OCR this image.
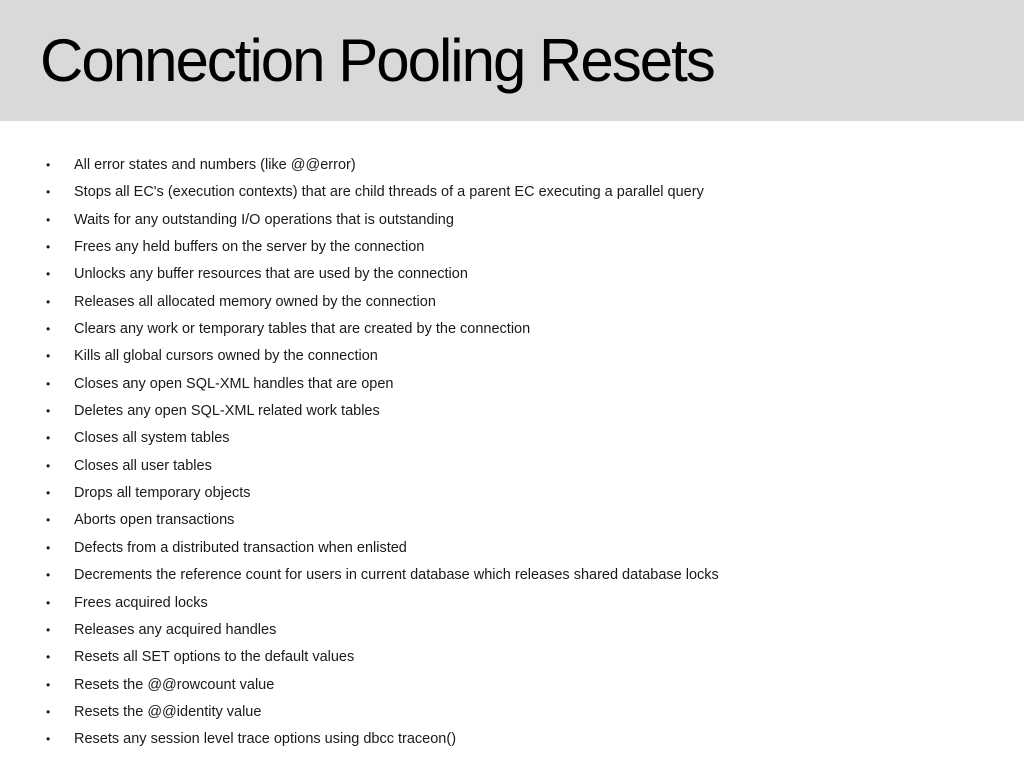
Connection Pooling Resets
• All error states and numbers (like @@error)
• Stops all EC's (execution contexts) that are child threads of a parent EC executing a parallel query
• Waits for any outstanding I/O operations that is outstanding
• Frees any held buffers on the server by the connection
• Unlocks any buffer resources that are used by the connection
• Releases all allocated memory owned by the connection
• Clears any work or temporary tables that are created by the connection
• Kills all global cursors owned by the connection
• Closes any open SQL-XML handles that are open
• Deletes any open SQL-XML related work tables
• Closes all system tables
• Closes all user tables
• Drops all temporary objects
• Aborts open transactions
• Defects from a distributed transaction when enlisted
• Decrements the reference count for users in current database which releases shared database locks
• Frees acquired locks
• Releases any acquired handles
• Resets all SET options to the default values
• Resets the @@rowcount value
• Resets the @@identity value
• Resets any session level trace options using dbcc traceon()
